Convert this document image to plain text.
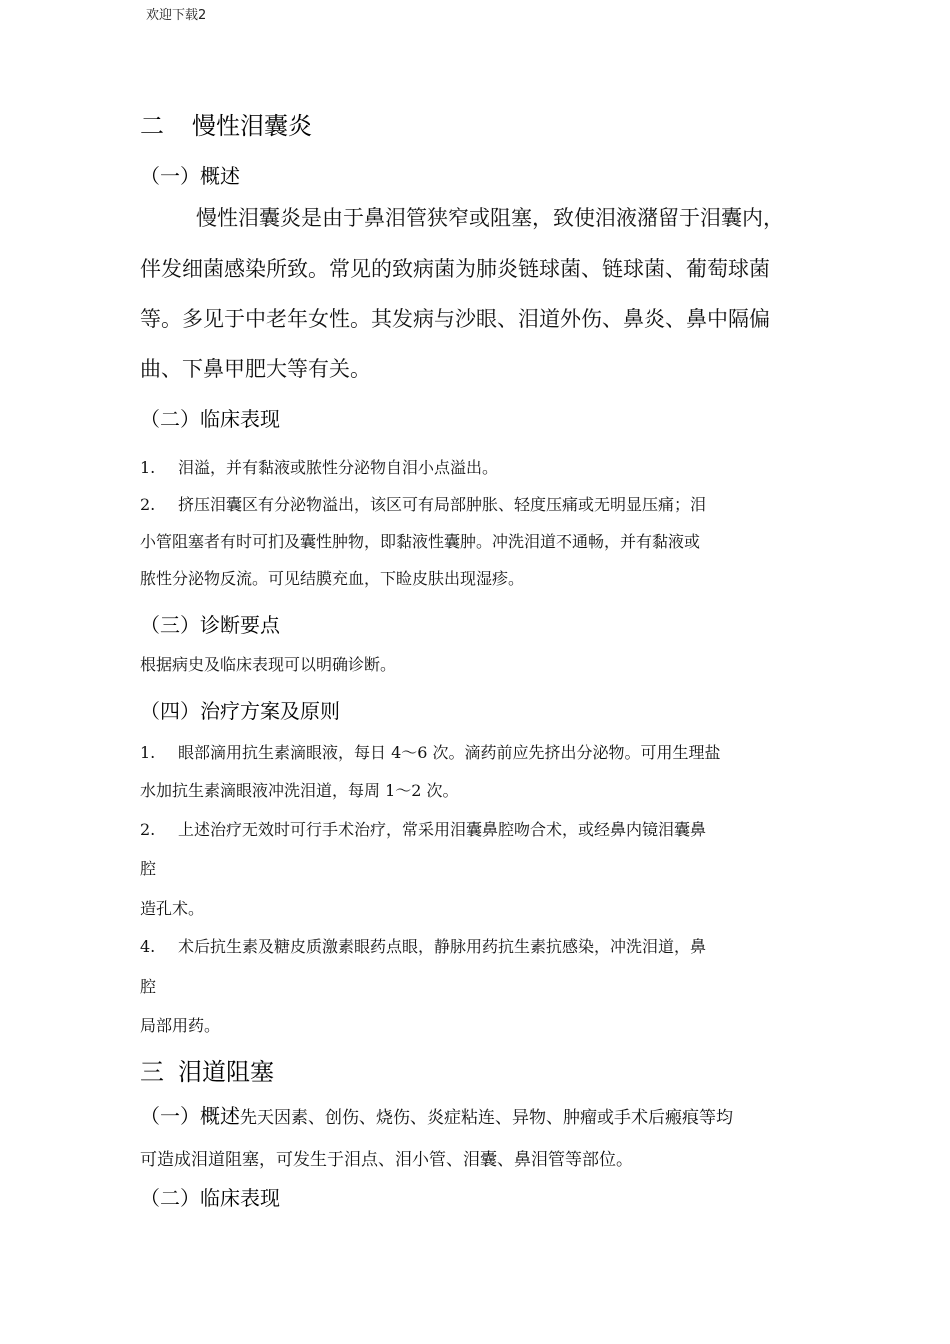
欢迎下载2
二 慢性泪囊炎
（一）概述
慢性泪囊炎是由于鼻泪管狭窄或阻塞，致使泪液潴留于泪囊内，
伴发细菌感染所致。常见的致病菌为肺炎链球菌、链球菌、葡萄球菌
等。多见于中老年女性。其发病与沙眼、泪道外伤、鼻炎、鼻中隔偏
曲、下鼻甲肥大等有关。
（二）临床表现
1. 泪溢，并有黏液或脓性分泌物自泪小点溢出。
2. 挤压泪囊区有分泌物溢出，该区可有局部肿胀、轻度压痛或无明显压痛；泪
小管阻塞者有时可扪及囊性肿物，即黏液性囊肿。冲洗泪道不通畅，并有黏液或
脓性分泌物反流。可见结膜充血，下睑皮肤出现湿疹。
（三）诊断要点
根据病史及临床表现可以明确诊断。
（四）治疗方案及原则
1. 眼部滴用抗生素滴眼液，每日 4～6 次。滴药前应先挤出分泌物。可用生理盐
水加抗生素滴眼液冲洗泪道，每周 1～2 次。
2. 上述治疗无效时可行手术治疗，常采用泪囊鼻腔吻合术，或经鼻内镜泪囊鼻
腔
造孔术。
4. 术后抗生素及糖皮质激素眼药点眼，静脉用药抗生素抗感染，冲洗泪道，鼻
腔
局部用药。
三 泪道阻塞
（一）概述先天因素、创伤、烧伤、炎症粘连、异物、肿瘤或手术后瘢痕等均
可造成泪道阻塞，可发生于泪点、泪小管、泪囊、鼻泪管等部位。
（二）临床表现
